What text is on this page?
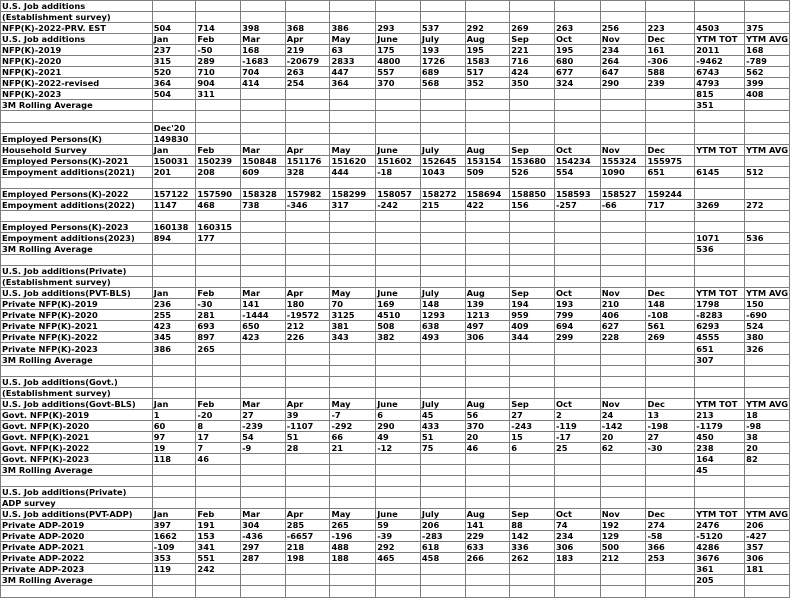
U.S. Job additions														
(Establishment survey)														
NFP(K)-2022-PRV. EST	504	714	398	368	386	293	537	292	269	263	256	223	4503	375
U.S. Job additions	Jan	Feb	Mar	Apr	May	June	July	Aug	Sep	Oct	Nov	Dec	YTM TOT	YTM AVG
NFP(K)-2019	237	-50	168	219	63	175	193	195	221	195	234	161	2011	168
NFP(K)-2020	315	289	-1683	-20679	2833	4800	1726	1583	716	680	264	-306	-9462	-789
NFP(K)-2021	520	710	704	263	447	557	689	517	424	677	647	588	6743	562
NFP(K)-2022-revised	364	904	414	254	364	370	568	352	350	324	290	239	4793	399
NFP(K)-2023	504	311											815	408
3M Rolling Average													351	

	Dec'20													
Employed Persons(K)	149830													
Household Survey	Jan	Feb	Mar	Apr	May	June	July	Aug	Sep	Oct	Nov	Dec	YTM TOT	YTM AVG
Employed Persons(K)-2021	150031	150239	150848	151176	151620	151602	152645	153154	153680	154234	155324	155975		
Empoyment additions(2021)	201	208	609	328	444	-18	1043	509	526	554	1090	651	6145	512

Employed Persons(K)-2022	157122	157590	158328	157982	158299	158057	158272	158694	158850	158593	158527	159244		
Empoyment additions(2022)	1147	468	738	-346	317	-242	215	422	156	-257	-66	717	3269	272

Employed Persons(K)-2023	160138	160315												
Empoyment additions(2023)	894	177											1071	536
3M Rolling Average													536	

U.S. Job additions(Private)														
(Establishment survey)														
U.S. Job additions(PVT-BLS)	Jan	Feb	Mar	Apr	May	June	July	Aug	Sep	Oct	Nov	Dec	YTM TOT	YTM AVG
Private NFP(K)-2019	236	-30	141	180	70	169	148	139	194	193	210	148	1798	150
Private NFP(K)-2020	255	281	-1444	-19572	3125	4510	1293	1213	959	799	406	-108	-8283	-690
Private NFP(K)-2021	423	693	650	212	381	508	638	497	409	694	627	561	6293	524
Private NFP(K)-2022	345	897	423	226	343	382	493	306	344	299	228	269	4555	380
Private NFP(K)-2023	386	265											651	326
3M Rolling Average													307	

U.S. Job additions(Govt.)														
(Establishment survey)														
U.S. Job additions(Govt-BLS)	Jan	Feb	Mar	Apr	May	June	July	Aug	Sep	Oct	Nov	Dec	YTM TOT	YTM AVG
Govt. NFP(K)-2019	1	-20	27	39	-7	6	45	56	27	2	24	13	213	18
Govt. NFP(K)-2020	60	8	-239	-1107	-292	290	433	370	-243	-119	-142	-198	-1179	-98
Govt. NFP(K)-2021	97	17	54	51	66	49	51	20	15	-17	20	27	450	38
Govt. NFP(K)-2022	19	7	-9	28	21	-12	75	46	6	25	62	-30	238	20
Govt. NFP(K)-2023	118	46											164	82
3M Rolling Average													45	

U.S. Job additions(Private)														
ADP survey														
U.S. Job additions(PVT-ADP)	Jan	Feb	Mar	Apr	May	June	July	Aug	Sep	Oct	Nov	Dec	YTM TOT	YTM AVG
Private ADP-2019	397	191	304	285	265	59	206	141	88	74	192	274	2476	206
Private ADP-2020	1662	153	-436	-6657	-196	-39	-283	229	142	234	129	-58	-5120	-427
Private ADP-2021	-109	341	297	218	488	292	618	633	336	306	500	366	4286	357
Private ADP-2022	353	551	287	198	188	465	458	266	262	183	212	253	3676	306
Private ADP-2023	119	242											361	181
3M Rolling Average													205	
